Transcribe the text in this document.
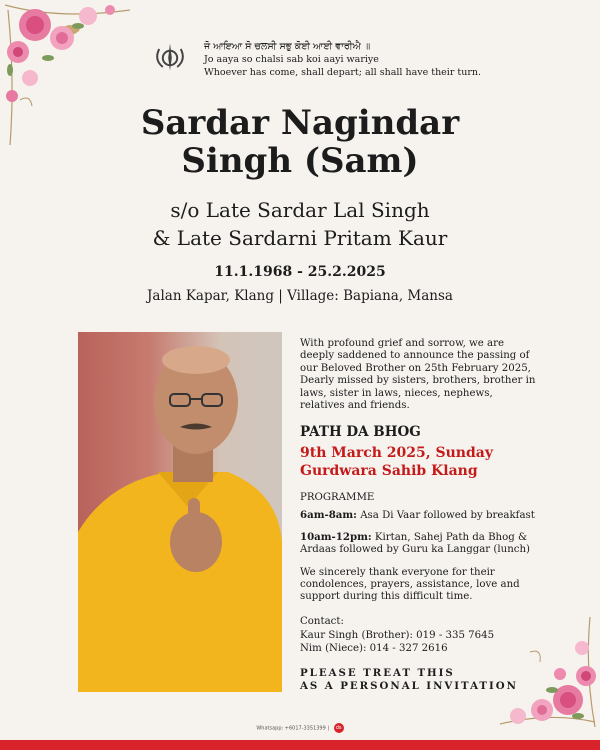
ਜੋ ਆਇਆ ਸੋ ਚਲਸੀ ਸਭੁ ਕੋਈ ਆਈ ਵਾਰੀਐ ॥
Jo aaya so chalsi sab koi aayi wariye
Whoever has come, shall depart; all shall have their turn.
Sardar Nagindar
Singh (Sam)
s/o Late Sardar Lal Singh
& Late Sardarni Pritam Kaur
11.1.1968 - 25.2.2025
Jalan Kapar, Klang | Village: Bapiana, Mansa

With profound grief and sorrow, we are deeply saddened to announce the passing of our Beloved Brother on 25th February 2025, Dearly missed by sisters, brothers, brother in laws, sister in laws, nieces, nephews, relatives and friends.

PATH DA BHOG
9th March 2025, Sunday
Gurdwara Sahib Klang
PROGRAMME

6am-8am: Asa Di Vaar followed by breakfast

10am-12pm: Kirtan, Sahej Path da Bhog & Ardaas followed by Guru ka Langgar (lunch)

We sincerely thank everyone for their condolences, prayers, assistance, love and support during this difficult time.

Contact:
Kaur Singh (Brother): 019 - 335 7645
Nim (Niece): 014 - 327 2616
PLEASE TREAT THIS
AS A PERSONAL INVITATION
Whatsapp: +6017-3351399 | ds
